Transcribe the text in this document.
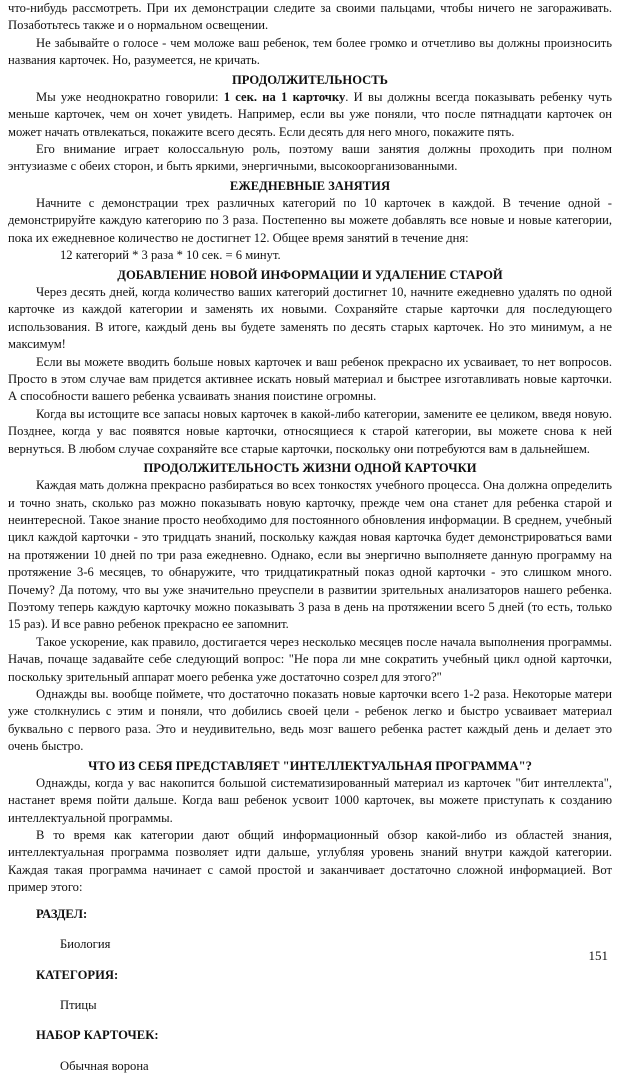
что-нибудь рассмотреть. При их демонстрации следите за своими пальцами, чтобы ничего не загораживать. Позаботьтесь также и о нормальном освещении.

Не забывайте о голосе - чем моложе ваш ребенок, тем более громко и отчетливо вы должны произносить названия карточек. Но, разумеется, не кричать.

ПРОДОЛЖИТЕЛЬНОСТЬ

Мы уже неоднократно говорили: 1 сек. на 1 карточку. И вы должны всегда показывать ребенку чуть меньше карточек, чем он хочет увидеть. Например, если вы уже поняли, что после пятнадцати карточек он может начать отвлекаться, покажите всего десять. Если десять для него много, покажите пять.

Его внимание играет колоссальную роль, поэтому ваши занятия должны проходить при полном энтузиазме с обеих сторон, и быть яркими, энергичными, высокоорганизованными.

ЕЖЕДНЕВНЫЕ ЗАНЯТИЯ

Начните с демонстрации трех различных категорий по 10 карточек в каждой. В течение одной - демонстрируйте каждую категорию по 3 раза. Постепенно вы можете добавлять все новые и новые категории, пока их ежедневное количество не достигнет 12. Общее время занятий в течение дня:

12 категорий * 3 раза * 10 сек. = 6 минут.

ДОБАВЛЕНИЕ НОВОЙ ИНФОРМАЦИИ И УДАЛЕНИЕ СТАРОЙ

Через десять дней, когда количество ваших категорий достигнет 10, начните ежедневно удалять по одной карточке из каждой категории и заменять их новыми. Сохраняйте старые карточки для последующего использования. В итоге, каждый день вы будете заменять по десять старых карточек. Но это минимум, а не максимум!

Если вы можете вводить больше новых карточек и ваш ребенок прекрасно их усваивает, то нет вопросов. Просто в этом случае вам придется активнее искать новый материал и быстрее изготавливать новые карточки. А способности вашего ребенка усваивать знания поистине огромны.

Когда вы истощите все запасы новых карточек в какой-либо категории, замените ее целиком, введя новую. Позднее, когда у вас появятся новые карточки, относящиеся к старой категории, вы можете снова к ней вернуться. В любом случае сохраняйте все старые карточки, поскольку они потребуются вам в дальнейшем.

ПРОДОЛЖИТЕЛЬНОСТЬ ЖИЗНИ ОДНОЙ КАРТОЧКИ

Каждая мать должна прекрасно разбираться во всех тонкостях учебного процесса. Она должна определить и точно знать, сколько раз можно показывать новую карточку, прежде чем она станет для ребенка старой и неинтересной. Такое знание просто необходимо для постоянного обновления информации. В среднем, учебный цикл каждой карточки - это тридцать знаний, поскольку каждая новая карточка будет демонстрироваться вами на протяжении 10 дней по три раза ежедневно. Однако, если вы энергично выполняете данную программу на протяжение 3-6 месяцев, то обнаружите, что тридцатикратный показ одной карточки - это слишком много. Почему? Да потому, что вы уже значительно преуспели в развитии зрительных анализаторов нашего ребенка. Поэтому теперь каждую карточку можно показывать 3 раза в день на протяжении всего 5 дней (то есть, только 15 раз). И все равно ребенок прекрасно ее запомнит.

Такое ускорение, как правило, достигается через несколько месяцев после начала выполнения программы. Начав, почаще задавайте себе следующий вопрос: "Не пора ли мне сократить учебный цикл одной карточки, поскольку зрительный аппарат моего ребенка уже достаточно созрел для этого?"

Однажды вы. вообще поймете, что достаточно показать новые карточки всего 1-2 раза. Некоторые матери уже столкнулись с этим и поняли, что добились своей цели - ребенок легко и быстро усваивает материал буквально с первого раза. Это и неудивительно, ведь мозг вашего ребенка растет каждый день и делает это очень быстро.

ЧТО ИЗ СЕБЯ ПРЕДСТАВЛЯЕТ "ИНТЕЛЛЕКТУАЛЬНАЯ ПРОГРАММА"?

Однажды, когда у вас накопится большой систематизированный материал из карточек "бит интеллекта", настанет время пойти дальше. Когда ваш ребенок усвоит 1000 карточек, вы можете приступать к созданию интеллектуальной программы.

В то время как категории дают общий информационный обзор какой-либо из областей знания, интеллектуальная программа позволяет идти дальше, углубляя уровень знаний внутри каждой категории. Каждая такая программа начинает с самой простой и заканчивает достаточно сложной информацией. Вот пример этого:

РАЗДЕЛ:
Биология
КАТЕГОРИЯ:
Птицы
НАБОР КАРТОЧЕК:
Обычная ворона
151
